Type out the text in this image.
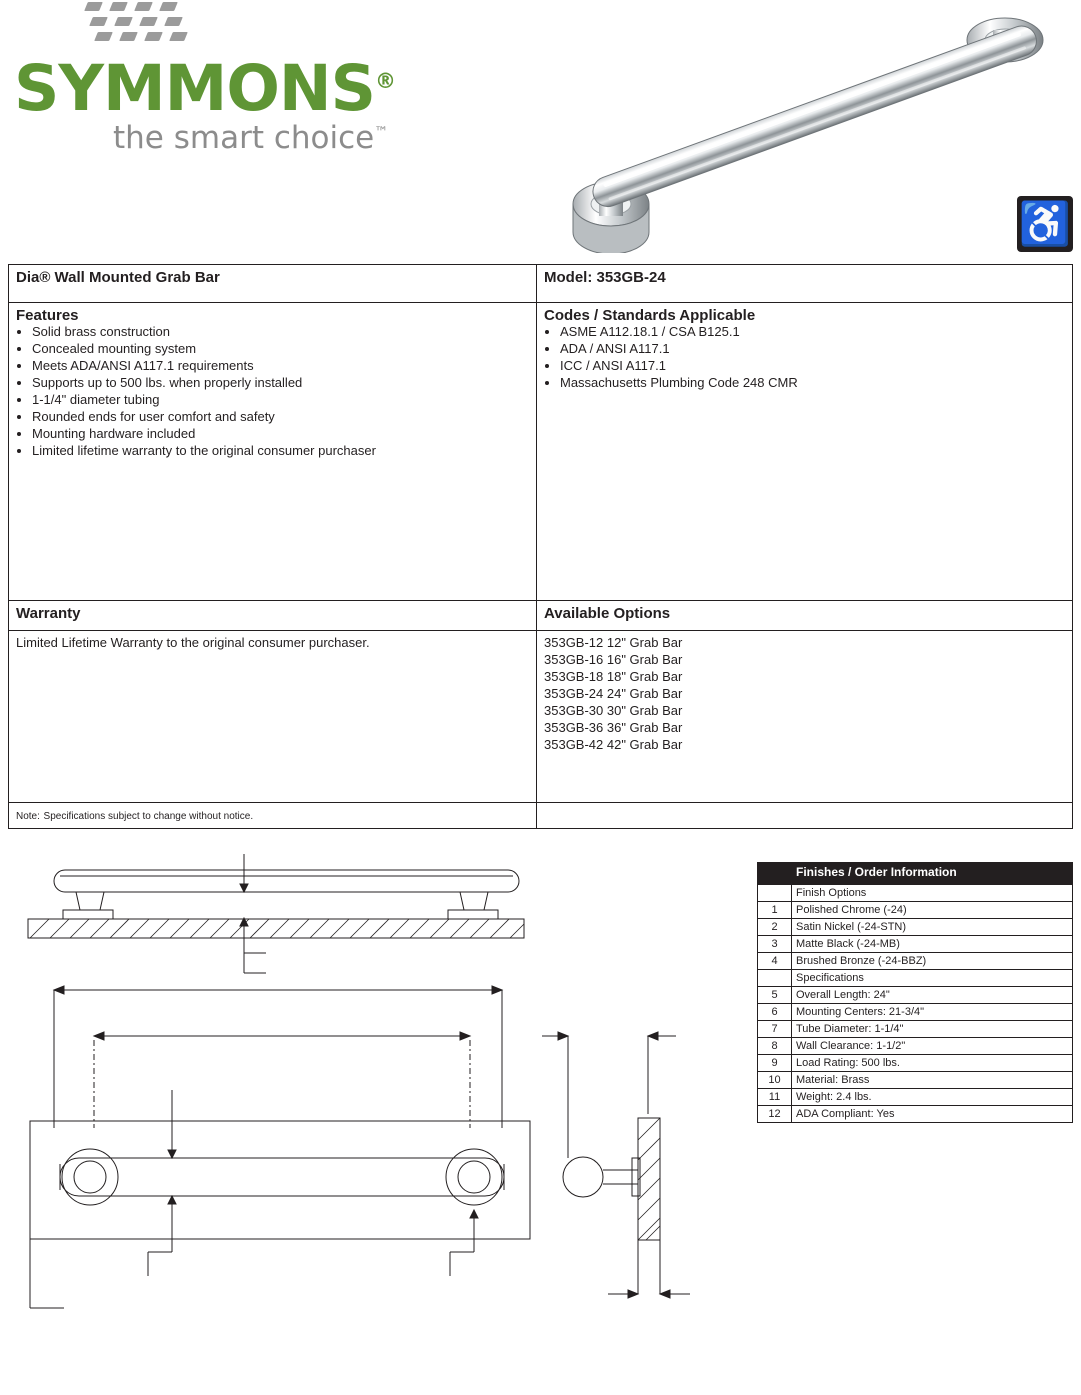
SYMMONS®
the smart choice™
♿
Dia® Wall Mounted Grab Bar	Model: 353GB-24

Features
• Solid brass construction
• Concealed mounting system
• Meets ADA/ANSI A117.1 requirements
• Supports up to 500 lbs. when properly installed
• 1-1/4" diameter tubing
• Rounded ends for user comfort and safety
• Mounting hardware included
• Limited lifetime warranty to the original consumer purchaser

Codes / Standards Applicable
• ASME A112.18.1 / CSA B125.1
• ADA / ANSI A117.1
• ICC / ANSI A117.1
• Massachusetts Plumbing Code 248 CMR

Warranty	Available Options

Limited Lifetime Warranty to the original consumer purchaser.	353GB-12 12" Grab Bar
353GB-16 16" Grab Bar
353GB-18 18" Grab Bar
353GB-24 24" Grab Bar
353GB-30 30" Grab Bar
353GB-36 36" Grab Bar
353GB-42 42" Grab Bar

Note: Specifications subject to change without notice.	
	Finishes / Order Information
	Finish Options
1	Polished Chrome (-24)
2	Satin Nickel (-24-STN)
3	Matte Black (-24-MB)
4	Brushed Bronze (-24-BBZ)
	Specifications
5	Overall Length: 24"
6	Mounting Centers: 21-3/4"
7	Tube Diameter: 1-1/4"
8	Wall Clearance: 1-1/2"
9	Load Rating: 500 lbs.
10	Material: Brass
11	Weight: 2.4 lbs.
12	ADA Compliant: Yes
